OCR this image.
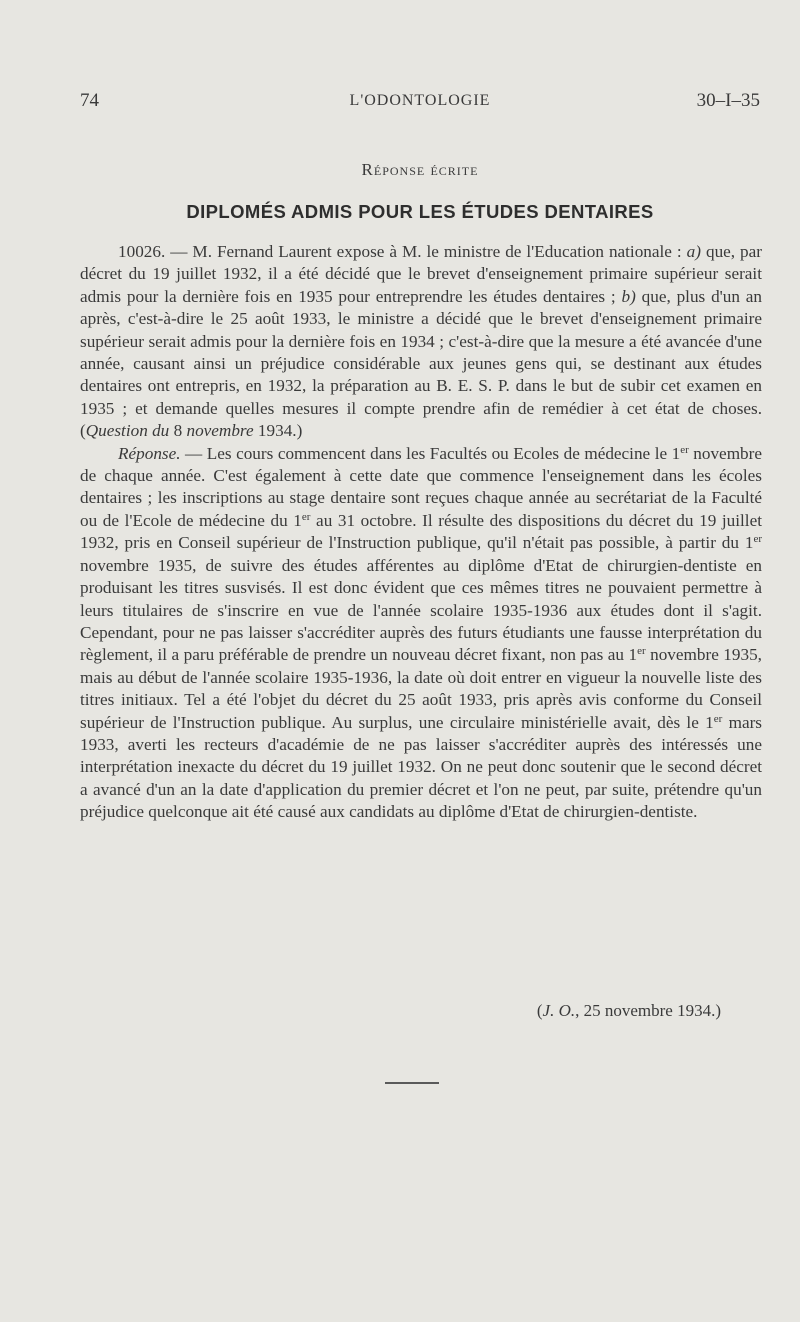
74	L'ODONTOLOGIE	30–I–35
Réponse écrite
DIPLOMÉS ADMIS POUR LES ÉTUDES DENTAIRES

10026. — M. Fernand Laurent expose à M. le ministre de l'Education nationale : a) que, par décret du 19 juillet 1932, il a été décidé que le brevet d'enseignement primaire supérieur serait admis pour la dernière fois en 1935 pour entreprendre les études dentaires ; b) que, plus d'un an après, c'est-à-dire le 25 août 1933, le ministre a décidé que le brevet d'enseignement primaire supérieur serait admis pour la dernière fois en 1934 ; c'est-à-dire que la mesure a été avancée d'une année, causant ainsi un préjudice considérable aux jeunes gens qui, se destinant aux études dentaires ont entrepris, en 1932, la préparation au B. E. S. P. dans le but de subir cet examen en 1935 ; et demande quelles mesures il compte prendre afin de remédier à cet état de choses. (Question du 8 novembre 1934.)

Réponse. — Les cours commencent dans les Facultés ou Ecoles de médecine le 1er novembre de chaque année. C'est également à cette date que commence l'enseignement dans les écoles dentaires ; les inscriptions au stage dentaire sont reçues chaque année au secrétariat de la Faculté ou de l'Ecole de médecine du 1er au 31 octobre. Il résulte des dispositions du décret du 19 juillet 1932, pris en Conseil supérieur de l'Instruction publique, qu'il n'était pas possible, à partir du 1er novembre 1935, de suivre des études afférentes au diplôme d'Etat de chirurgien-dentiste en produisant les titres susvisés. Il est donc évident que ces mêmes titres ne pouvaient permettre à leurs titulaires de s'inscrire en vue de l'année scolaire 1935-1936 aux études dont il s'agit. Cependant, pour ne pas laisser s'accréditer auprès des futurs étudiants une fausse interprétation du règlement, il a paru préférable de prendre un nouveau décret fixant, non pas au 1er novembre 1935, mais au début de l'année scolaire 1935-1936, la date où doit entrer en vigueur la nouvelle liste des titres initiaux. Tel a été l'objet du décret du 25 août 1933, pris après avis conforme du Conseil supérieur de l'Instruction publique. Au surplus, une circulaire ministérielle avait, dès le 1er mars 1933, averti les recteurs d'académie de ne pas laisser s'accréditer auprès des intéressés une interprétation inexacte du décret du 19 juillet 1932. On ne peut donc soutenir que le second décret a avancé d'un an la date d'application du premier décret et l'on ne peut, par suite, prétendre qu'un préjudice quelconque ait été causé aux candidats au diplôme d'Etat de chirurgien-dentiste.

(J. O., 25 novembre 1934.)
